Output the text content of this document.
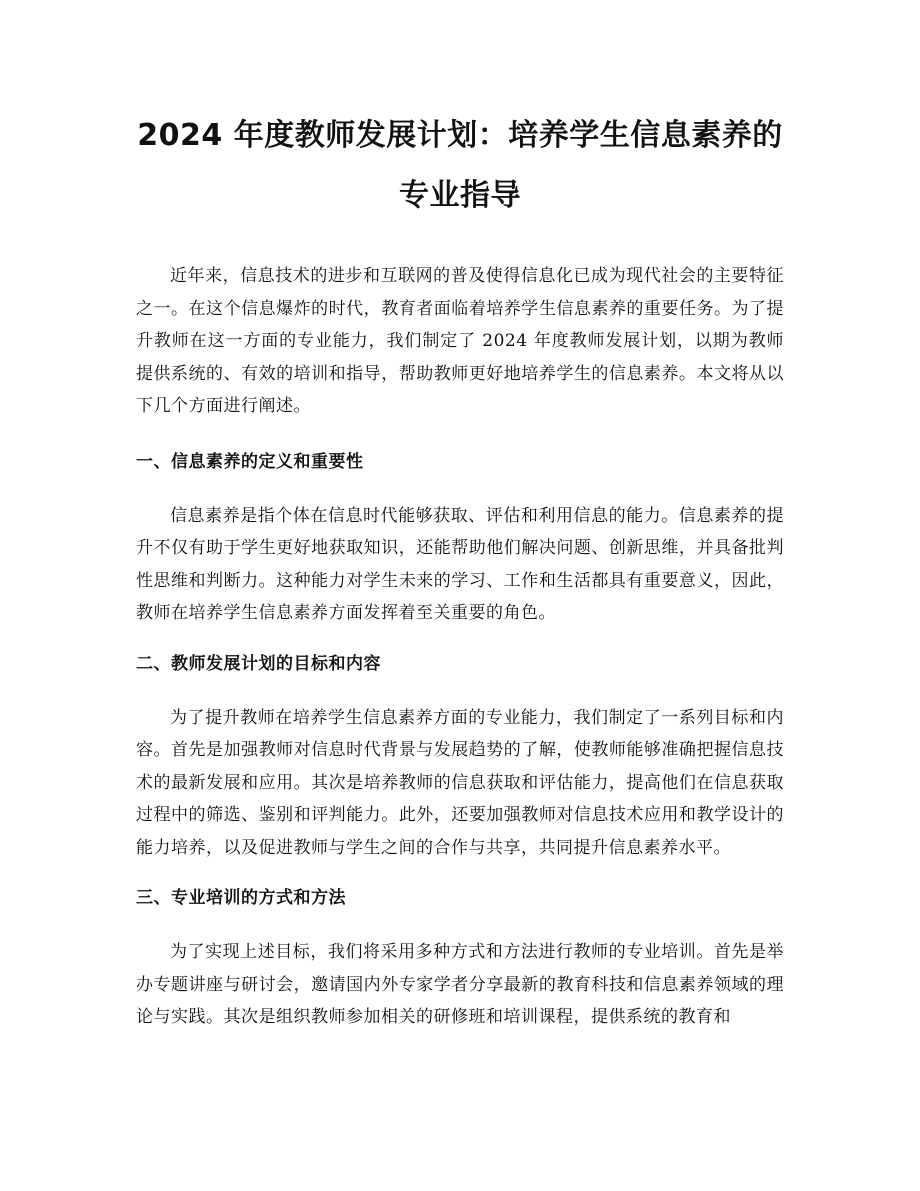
2024 年度教师发展计划：培养学生信息素养的专业指导

近年来，信息技术的进步和互联网的普及使得信息化已成为现代社会的主要特征之一。在这个信息爆炸的时代，教育者面临着培养学生信息素养的重要任务。为了提升教师在这一方面的专业能力，我们制定了 2024 年度教师发展计划，以期为教师提供系统的、有效的培训和指导，帮助教师更好地培养学生的信息素养。本文将从以下几个方面进行阐述。

一、信息素养的定义和重要性

信息素养是指个体在信息时代能够获取、评估和利用信息的能力。信息素养的提升不仅有助于学生更好地获取知识，还能帮助他们解决问题、创新思维，并具备批判性思维和判断力。这种能力对学生未来的学习、工作和生活都具有重要意义，因此，教师在培养学生信息素养方面发挥着至关重要的角色。

二、教师发展计划的目标和内容

为了提升教师在培养学生信息素养方面的专业能力，我们制定了一系列目标和内容。首先是加强教师对信息时代背景与发展趋势的了解，使教师能够准确把握信息技术的最新发展和应用。其次是培养教师的信息获取和评估能力，提高他们在信息获取过程中的筛选、鉴别和评判能力。此外，还要加强教师对信息技术应用和教学设计的能力培养，以及促进教师与学生之间的合作与共享，共同提升信息素养水平。

三、专业培训的方式和方法

为了实现上述目标，我们将采用多种方式和方法进行教师的专业培训。首先是举办专题讲座与研讨会，邀请国内外专家学者分享最新的教育科技和信息素养领域的理论与实践。其次是组织教师参加相关的研修班和培训课程，提供系统的教育和
